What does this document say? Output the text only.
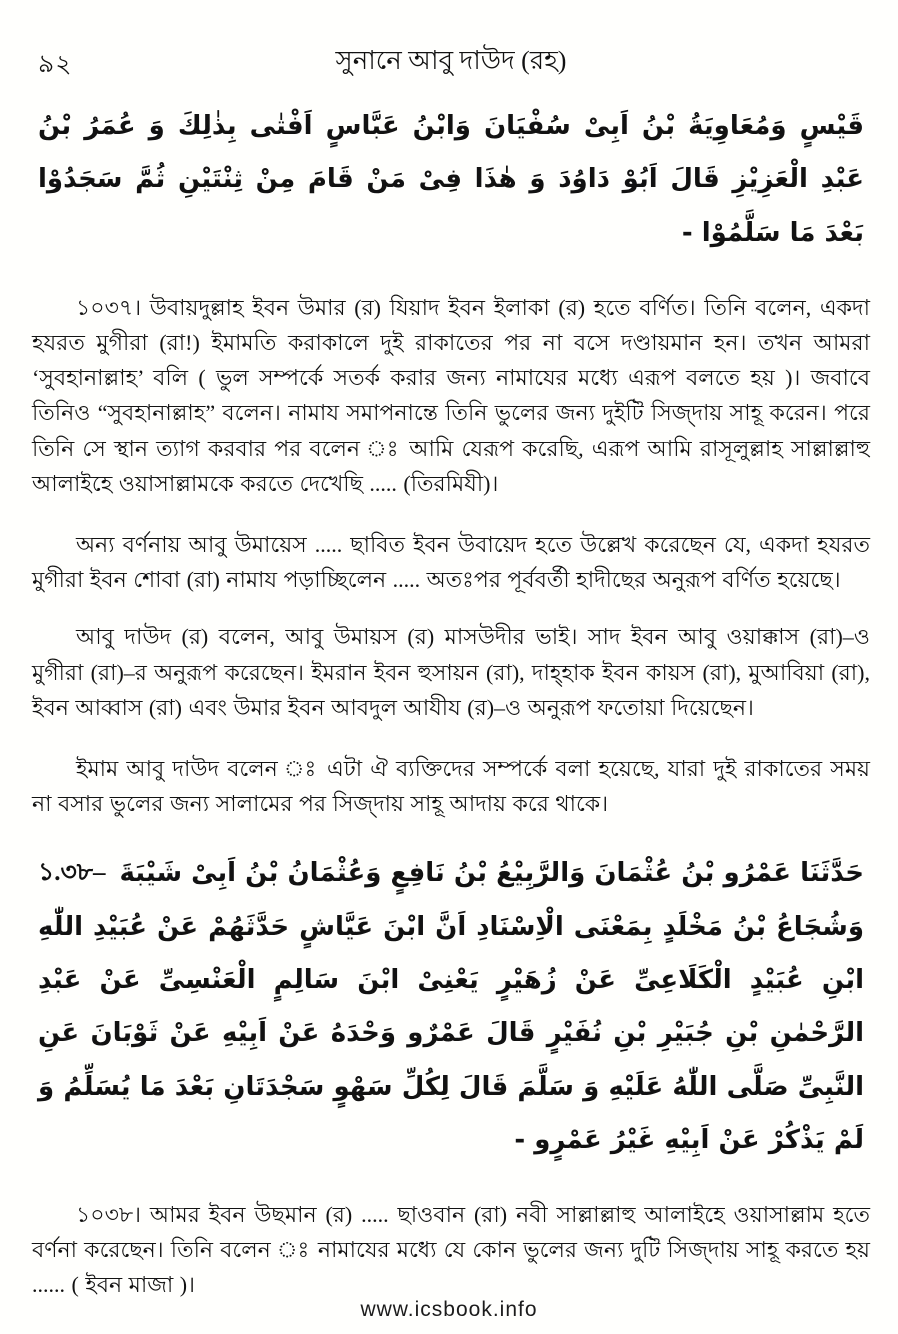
৯২	সুনানে আবু দাউদ (রহ)

قَيْسٍ وَمُعَاوِيَةُ بْنُ اَبِىْ سُفْيَانَ وَابْنُ عَبَّاسٍ اَفْتٰى بِذٰلِكَ وَ عُمَرُ بْنُ عَبْدِ الْعَزِيْزِ قَالَ اَبُوْ دَاوُدَ وَ هٰذَا فِىْ مَنْ قَامَ مِنْ ثِنْتَيْنِ ثُمَّ سَجَدُوْا بَعْدَ مَا سَلَّمُوْا -

১০৩৭। উবায়দুল্লাহ ইবন উমার (র) যিয়াদ ইবন ইলাকা (র) হতে বর্ণিত। তিনি বলেন, একদা হযরত মুগীরা (রা!) ইমামতি করাকালে দুই রাকাতের পর না বসে দণ্ডায়মান হন। তখন আমরা ‘সুবহানাল্লাহ’ বলি ( ভুল সম্পর্কে সতর্ক করার জন্য নামাযের মধ্যে এরূপ বলতে হয় )। জবাবে তিনিও “সুবহানাল্লাহ” বলেন। নামায সমাপনান্তে তিনি ভুলের জন্য দুইটি সিজ্দায় সাহূ করেন। পরে তিনি সে স্থান ত্যাগ করবার পর বলেন ঃ আমি যেরূপ করেছি, এরূপ আমি রাসূলুল্লাহ সাল্লাল্লাহু আলাইহে ওয়াসাল্লামকে করতে দেখেছি ..... (তিরমিযী)।

অন্য বর্ণনায় আবু উমায়েস ..... ছাবিত ইবন উবায়েদ হতে উল্লেখ করেছেন যে, একদা হযরত মুগীরা ইবন শোবা (রা) নামায পড়াচ্ছিলেন ..... অতঃপর পূর্ববর্তী হাদীছের অনুরূপ বর্ণিত হয়েছে।

আবু দাউদ (র) বলেন, আবু উমায়স (র) মাসউদীর ভাই। সাদ ইবন আবু ওয়াক্কাস (রা)–ও মুগীরা (রা)–র অনুরূপ করেছেন। ইমরান ইবন হুসায়ন (রা), দাহ্‌হাক ইবন কায়স (রা), মুআবিয়া (রা), ইবন আব্বাস (রা) এবং উমার ইবন আবদুল আযীয (র)–ও অনুরূপ ফতোয়া দিয়েছেন।

ইমাম আবু দাউদ বলেন ঃ এটা ঐ ব্যক্তিদের সম্পর্কে বলা হয়েছে, যারা দুই রাকাতের সময় না বসার ভুলের জন্য সালামের পর সিজ্দায় সাহূ আদায় করে থাকে।

১.৩৮– حَدَّثَنَا عَمْرُو بْنُ عُثْمَانَ وَالرَّبِيْعُ بْنُ نَافِعٍ وَعُثْمَانُ بْنُ اَبِىْ شَيْبَةَ وَشُجَاعُ بْنُ مَخْلَدٍ بِمَعْنَى الْاِسْنَادِ اَنَّ ابْنَ عَيَّاشٍ حَدَّثَهُمْ عَنْ عُبَيْدِ اللّٰهِ ابْنِ عُبَيْدٍ الْكَلَاعِىِّ عَنْ زُهَيْرٍ يَعْنِىْ ابْنَ سَالِمٍ الْعَنْسِىِّ عَنْ عَبْدِ الرَّحْمٰنِ بْنِ جُبَيْرِ بْنِ نُفَيْرٍ قَالَ عَمْرٌو وَحْدَهُ عَنْ اَبِيْهِ عَنْ ثَوْبَانَ عَنِ النَّبِىِّ صَلَّى اللّٰهُ عَلَيْهِ وَ سَلَّمَ قَالَ لِكُلِّ سَهْوٍ سَجْدَتَانِ بَعْدَ مَا يُسَلِّمُ وَ لَمْ يَذْكُرْ عَنْ اَبِيْهِ غَيْرُ عَمْرٍو -

১০৩৮। আমর ইবন উছমান (র) ..... ছাওবান (রা) নবী সাল্লাল্লাহু আলাইহে ওয়াসাল্লাম হতে বর্ণনা করেছেন। তিনি বলেন ঃ নামাযের মধ্যে যে কোন ভুলের জন্য দুটি সিজ্দায় সাহূ করতে হয় ...... ( ইবন মাজা )।

www.icsbook.info
